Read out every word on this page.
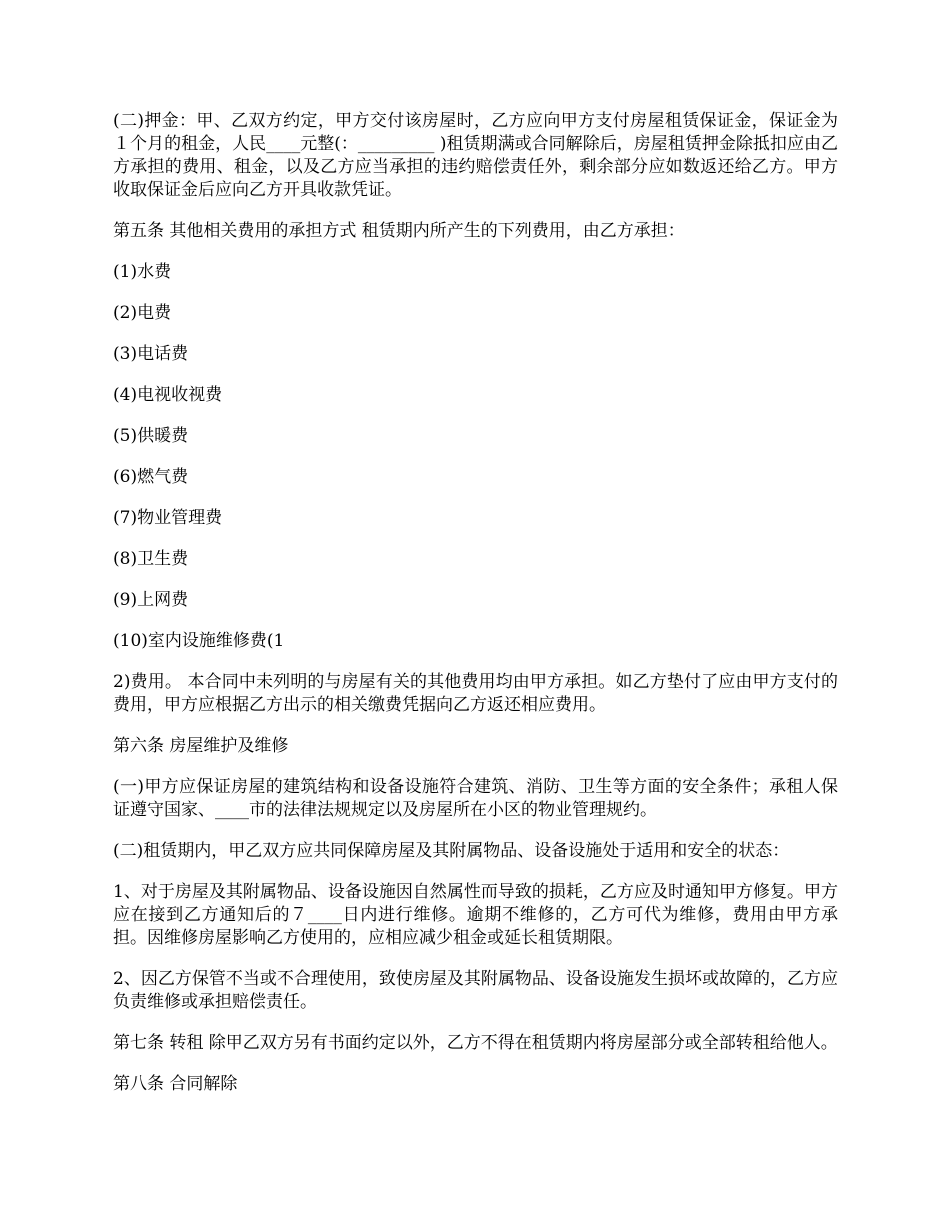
(二)押金：甲、乙双方约定，甲方交付该房屋时，乙方应向甲方支付房屋租赁保证金，保证金为１个月的租金，人民____元整(：_________ )租赁期满或合同解除后，房屋租赁押金除抵扣应由乙方承担的费用、租金，以及乙方应当承担的违约赔偿责任外，剩余部分应如数返还给乙方。甲方收取保证金后应向乙方开具收款凭证。

第五条 其他相关费用的承担方式 租赁期内所产生的下列费用，由乙方承担：

(1)水费

(2)电费

(3)电话费

(4)电视收视费

(5)供暖费

(6)燃气费

(7)物业管理费

(8)卫生费

(9)上网费

(10)室内设施维修费(1

2)费用。 本合同中未列明的与房屋有关的其他费用均由甲方承担。如乙方垫付了应由甲方支付的费用，甲方应根据乙方出示的相关缴费凭据向乙方返还相应费用。

第六条 房屋维护及维修

(一)甲方应保证房屋的建筑结构和设备设施符合建筑、消防、卫生等方面的安全条件；承租人保证遵守国家、____市的法律法规规定以及房屋所在小区的物业管理规约。

(二)租赁期内，甲乙双方应共同保障房屋及其附属物品、设备设施处于适用和安全的状态：

1、对于房屋及其附属物品、设备设施因自然属性而导致的损耗，乙方应及时通知甲方修复。甲方应在接到乙方通知后的７____日内进行维修。逾期不维修的，乙方可代为维修，费用由甲方承担。因维修房屋影响乙方使用的，应相应减少租金或延长租赁期限。

2、因乙方保管不当或不合理使用，致使房屋及其附属物品、设备设施发生损坏或故障的，乙方应负责维修或承担赔偿责任。

第七条 转租 除甲乙双方另有书面约定以外，乙方不得在租赁期内将房屋部分或全部转租给他人。

第八条 合同解除
